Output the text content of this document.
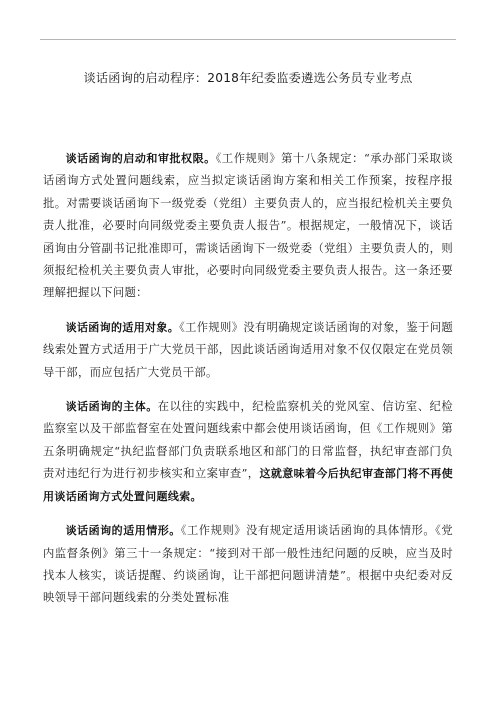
谈话函询的启动程序：2018年纪委监委遴选公务员专业考点

谈话函询的启动和审批权限。《工作规则》第十八条规定：“承办部门采取谈话函询方式处置问题线索，应当拟定谈话函询方案和相关工作预案，按程序报批。对需要谈话函询下一级党委（党组）主要负责人的，应当报纪检机关主要负责人批准，必要时向同级党委主要负责人报告”。根据规定，一般情况下，谈话函询由分管副书记批准即可，需谈话函询下一级党委（党组）主要负责人的，则须报纪检机关主要负责人审批，必要时向同级党委主要负责人报告。这一条还要理解把握以下问题：

谈话函询的适用对象。《工作规则》没有明确规定谈话函询的对象，鉴于问题线索处置方式适用于广大党员干部，因此谈话函询适用对象不仅仅限定在党员领导干部，而应包括广大党员干部。

谈话函询的主体。在以往的实践中，纪检监察机关的党风室、信访室、纪检监察室以及干部监督室在处置问题线索中都会使用谈话函询，但《工作规则》第五条明确规定“执纪监督部门负责联系地区和部门的日常监督，执纪审查部门负责对违纪行为进行初步核实和立案审查”，这就意味着今后执纪审查部门将不再使用谈话函询方式处置问题线索。

谈话函询的适用情形。《工作规则》没有规定适用谈话函询的具体情形。《党内监督条例》第三十一条规定：“接到对干部一般性违纪问题的反映，应当及时找本人核实，谈话提醒、约谈函询，让干部把问题讲清楚”。根据中央纪委对反映领导干部问题线索的分类处置标准
